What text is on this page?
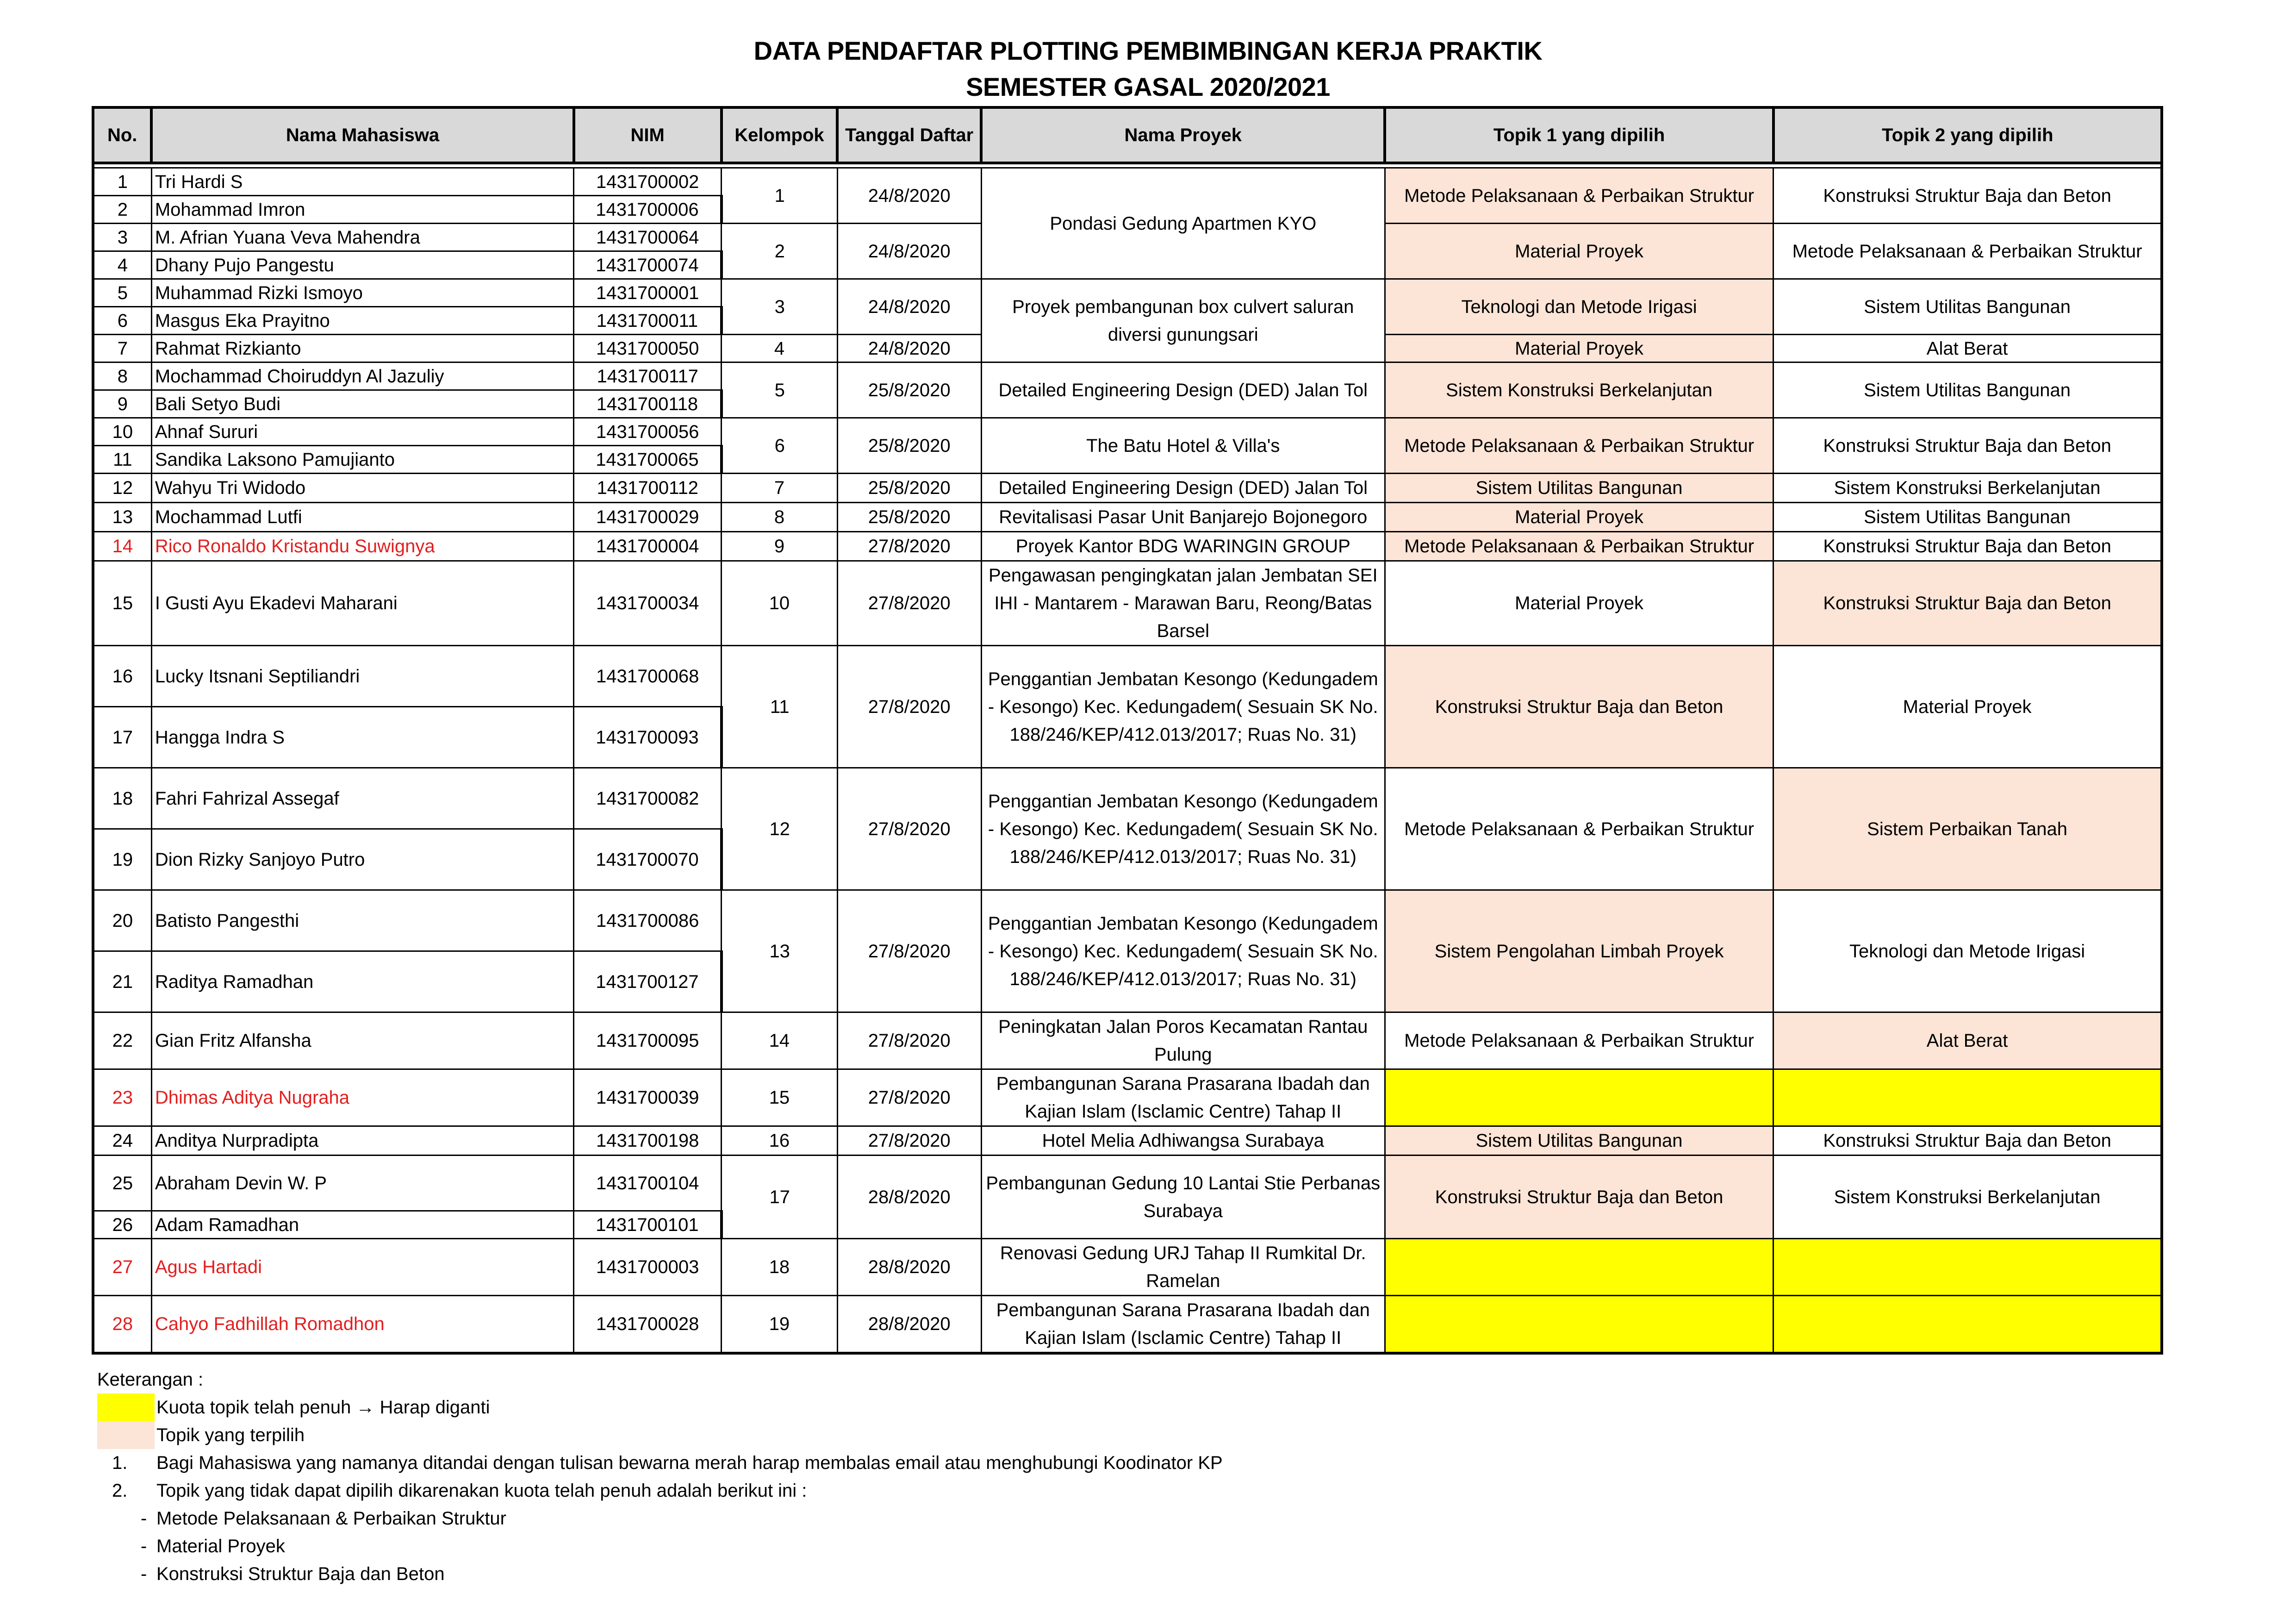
DATA PENDAFTAR PLOTTING PEMBIMBINGAN KERJA PRAKTIK
SEMESTER GASAL 2020/2021
No.	Nama Mahasiswa	NIM	Kelompok	Tanggal Daftar	Nama Proyek	Topik 1 yang dipilih	Topik 2 yang dipilih

1	Tri Hardi S	1431700002	1	24/8/2020	Pondasi Gedung Apartmen KYO	Metode Pelaksanaan & Perbaikan Struktur	Konstruksi Struktur Baja dan Beton
2	Mohammad Imron	1431700006					
3	M. Afrian Yuana Veva Mahendra	1431700064	2	24/8/2020		Material Proyek	Metode Pelaksanaan & Perbaikan Struktur
4	Dhany Pujo Pangestu	1431700074					
5	Muhammad Rizki Ismoyo	1431700001	3	24/8/2020	Proyek pembangunan box culvert saluran diversi gunungsari	Teknologi dan Metode Irigasi	Sistem Utilitas Bangunan
6	Masgus Eka Prayitno	1431700011					
7	Rahmat Rizkianto	1431700050	4	24/8/2020		Material Proyek	Alat Berat
8	Mochammad Choiruddyn Al Jazuliy	1431700117	5	25/8/2020	Detailed Engineering Design (DED) Jalan Tol	Sistem Konstruksi Berkelanjutan	Sistem Utilitas Bangunan
9	Bali Setyo Budi	1431700118					
10	Ahnaf Sururi	1431700056	6	25/8/2020	The Batu Hotel & Villa's	Metode Pelaksanaan & Perbaikan Struktur	Konstruksi Struktur Baja dan Beton
11	Sandika Laksono Pamujianto	1431700065					
12	Wahyu Tri Widodo	1431700112	7	25/8/2020	Detailed Engineering Design (DED) Jalan Tol	Sistem Utilitas Bangunan	Sistem Konstruksi Berkelanjutan
13	Mochammad Lutfi	1431700029	8	25/8/2020	Revitalisasi Pasar Unit Banjarejo Bojonegoro	Material Proyek	Sistem Utilitas Bangunan
14	Rico Ronaldo Kristandu Suwignya	1431700004	9	27/8/2020	Proyek Kantor BDG WARINGIN GROUP	Metode Pelaksanaan & Perbaikan Struktur	Konstruksi Struktur Baja dan Beton
15	I Gusti Ayu Ekadevi Maharani	1431700034	10	27/8/2020	Pengawasan pengingkatan jalan Jembatan SEI IHI - Mantarem - Marawan Baru, Reong/Batas Barsel	Material Proyek	Konstruksi Struktur Baja dan Beton
16	Lucky Itsnani Septiliandri	1431700068	11	27/8/2020	Penggantian Jembatan Kesongo (Kedungadem - Kesongo) Kec. Kedungadem( Sesuain SK No. 188/246/KEP/412.013/2017; Ruas No. 31)	Konstruksi Struktur Baja dan Beton	Material Proyek
17	Hangga Indra S	1431700093					
18	Fahri Fahrizal Assegaf	1431700082	12	27/8/2020	Penggantian Jembatan Kesongo (Kedungadem - Kesongo) Kec. Kedungadem( Sesuain SK No. 188/246/KEP/412.013/2017; Ruas No. 31)	Metode Pelaksanaan & Perbaikan Struktur	Sistem Perbaikan Tanah
19	Dion Rizky Sanjoyo Putro	1431700070					
20	Batisto Pangesthi	1431700086	13	27/8/2020	Penggantian Jembatan Kesongo (Kedungadem - Kesongo) Kec. Kedungadem( Sesuain SK No. 188/246/KEP/412.013/2017; Ruas No. 31)	Sistem Pengolahan Limbah Proyek	Teknologi dan Metode Irigasi
21	Raditya Ramadhan	1431700127					
22	Gian Fritz Alfansha	1431700095	14	27/8/2020	Peningkatan Jalan Poros Kecamatan Rantau Pulung	Metode Pelaksanaan & Perbaikan Struktur	Alat Berat
23	Dhimas Aditya Nugraha	1431700039	15	27/8/2020	Pembangunan Sarana Prasarana Ibadah dan Kajian Islam (Isclamic Centre) Tahap II		
24	Anditya Nurpradipta	1431700198	16	27/8/2020	Hotel Melia Adhiwangsa Surabaya	Sistem Utilitas Bangunan	Konstruksi Struktur Baja dan Beton
25	Abraham Devin W. P	1431700104	17	28/8/2020	Pembangunan Gedung 10 Lantai Stie Perbanas Surabaya	Konstruksi Struktur Baja dan Beton	Sistem Konstruksi Berkelanjutan
26	Adam Ramadhan	1431700101					
27	Agus Hartadi	1431700003	18	28/8/2020	Renovasi Gedung URJ Tahap II Rumkital Dr. Ramelan		
28	Cahyo Fadhillah Romadhon	1431700028	19	28/8/2020	Pembangunan Sarana Prasarana Ibadah dan Kajian Islam (Isclamic Centre) Tahap II		
Keterangan :
Kuota topik telah penuh → Harap diganti
Topik yang terpilih
1. Bagi Mahasiswa yang namanya ditandai dengan tulisan bewarna merah harap membalas email atau menghubungi Koodinator KP
2. Topik yang tidak dapat dipilih dikarenakan kuota telah penuh adalah berikut ini :
- Metode Pelaksanaan & Perbaikan Struktur
- Material Proyek
- Konstruksi Struktur Baja dan Beton
